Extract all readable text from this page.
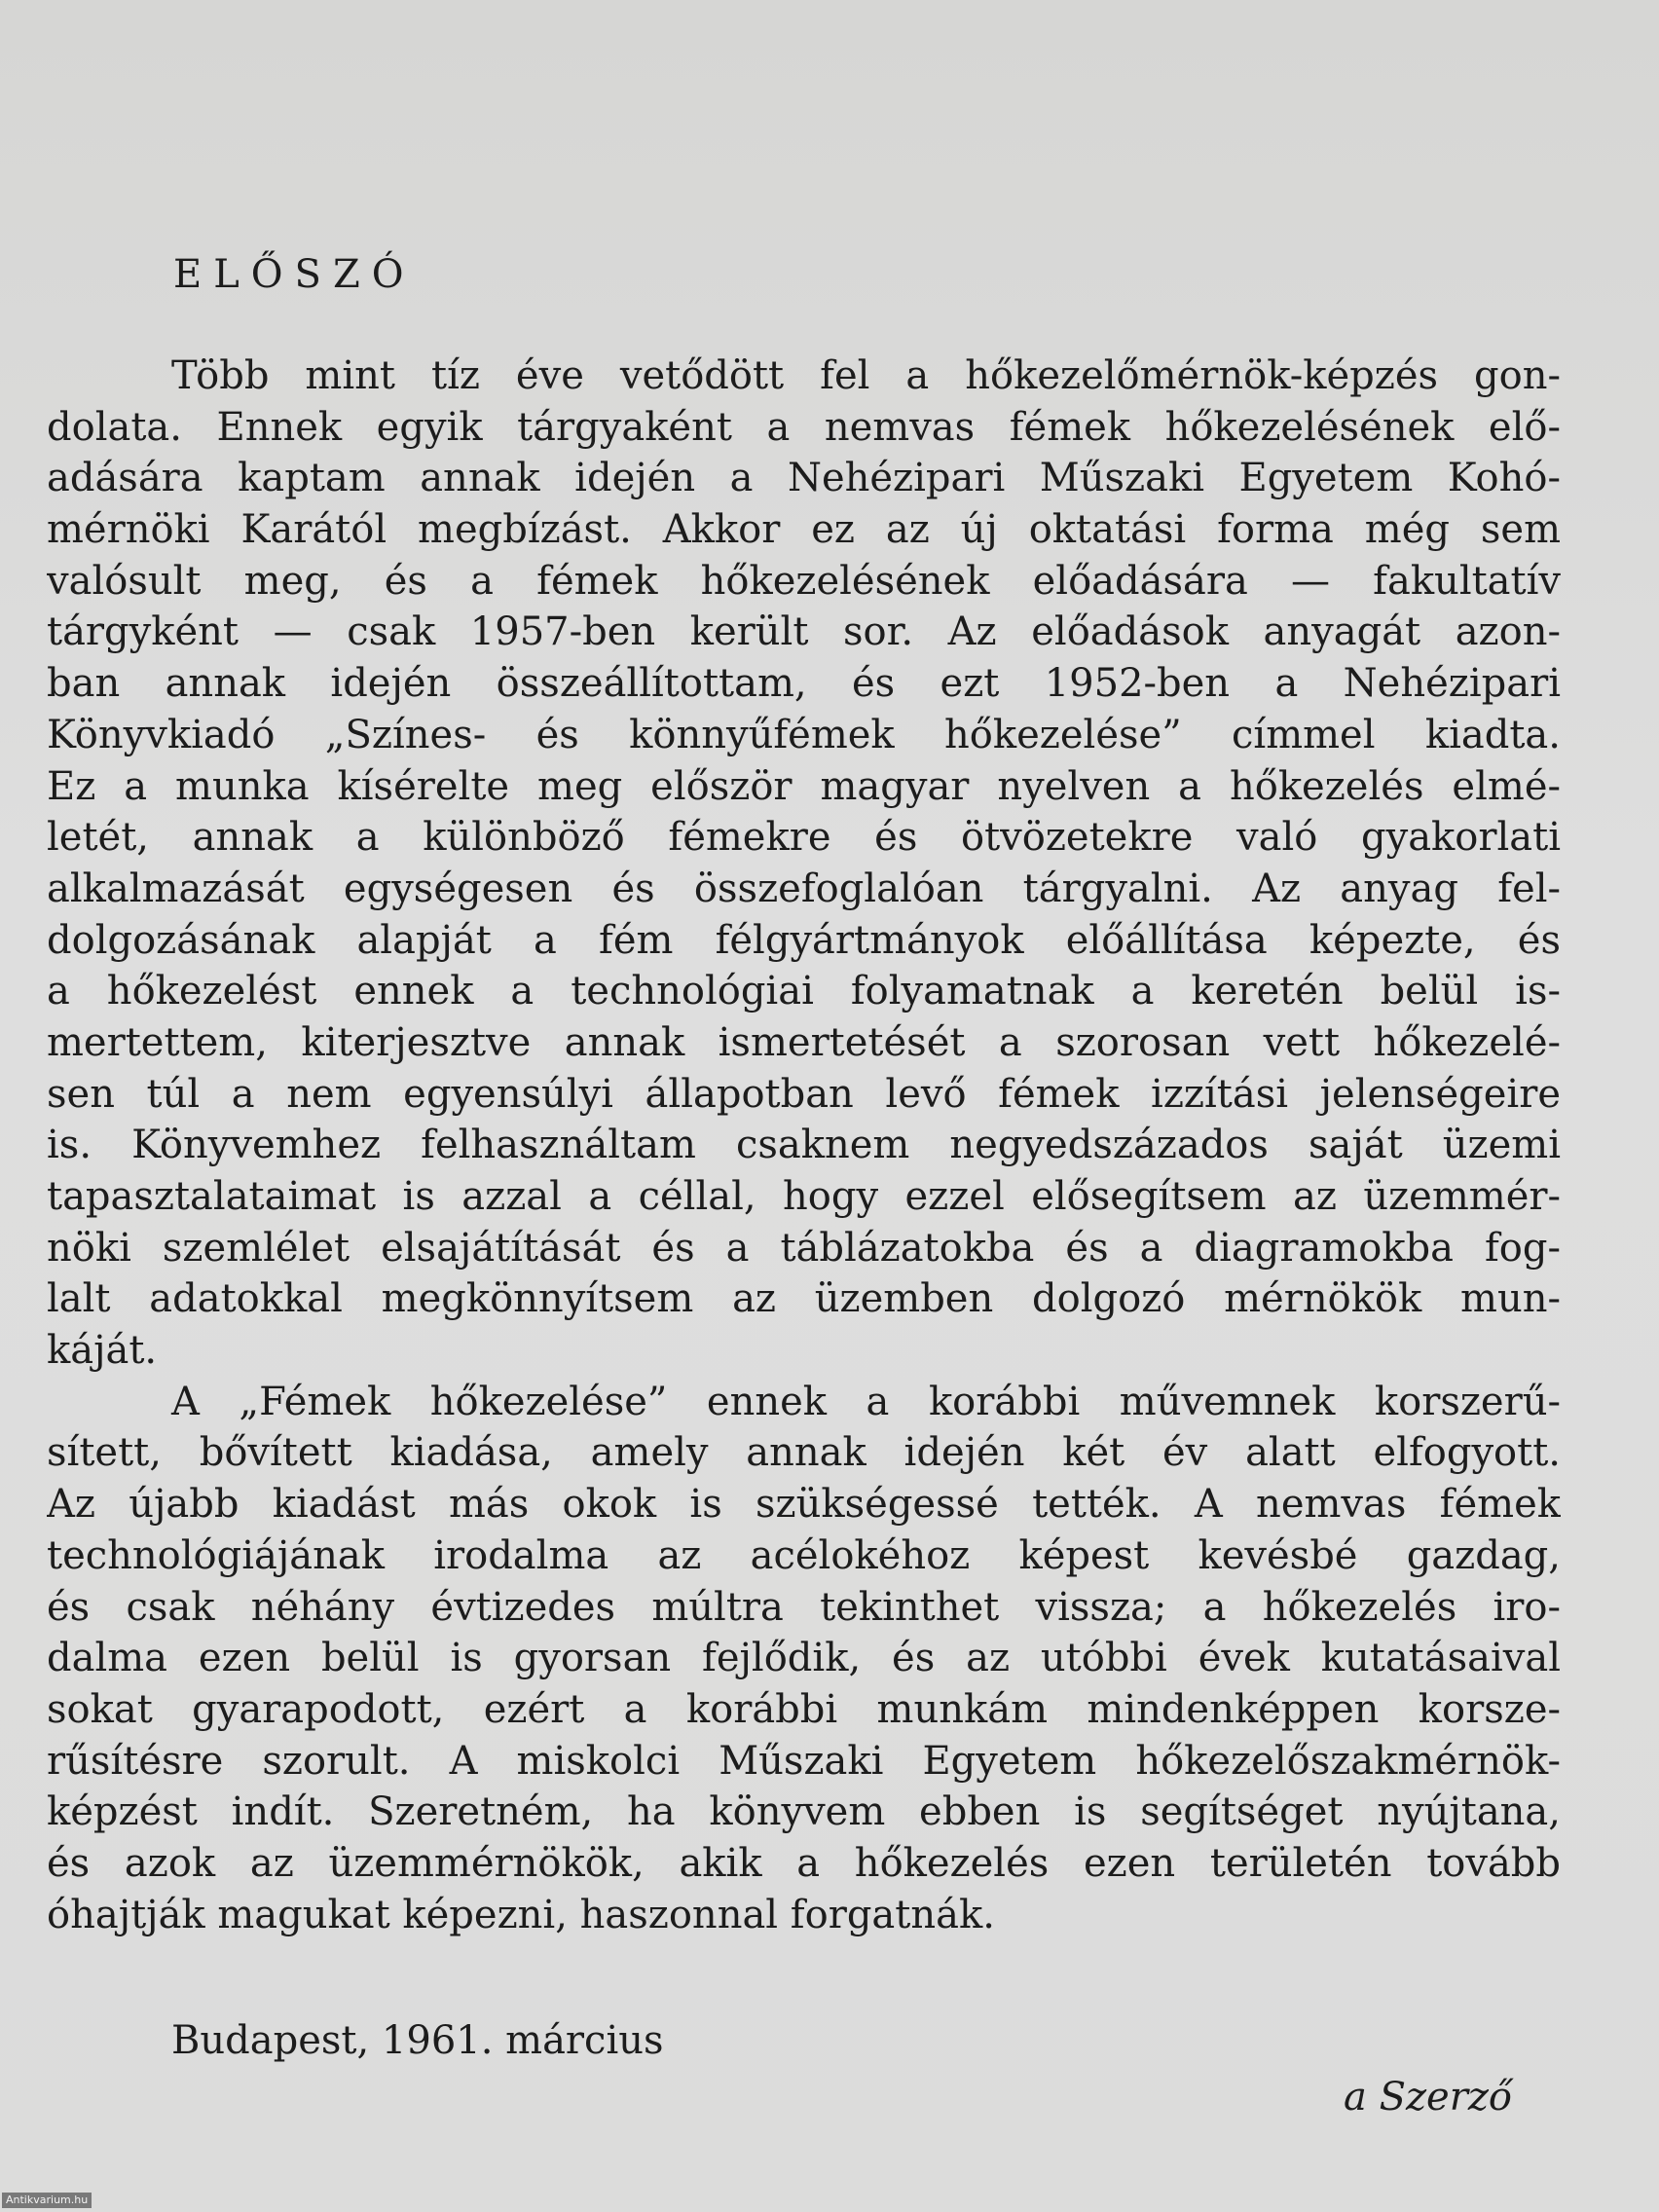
ELŐSZÓ
Több mint tíz éve vetődött fel a hőkezelőmérnök-képzés gon-
dolata. Ennek egyik tárgyaként a nemvas fémek hőkezelésének elő-
adására kaptam annak idején a Nehézipari Műszaki Egyetem Kohó-
mérnöki Karától megbízást. Akkor ez az új oktatási forma még sem
valósult meg, és a fémek hőkezelésének előadására — fakultatív
tárgyként — csak 1957-ben került sor. Az előadások anyagát azon-
ban annak idején összeállítottam, és ezt 1952-ben a Nehézipari
Könyvkiadó „Színes- és könnyűfémek hőkezelése” címmel kiadta.
Ez a munka kísérelte meg először magyar nyelven a hőkezelés elmé-
letét, annak a különböző fémekre és ötvözetekre való gyakorlati
alkalmazását egységesen és összefoglalóan tárgyalni. Az anyag fel-
dolgozásának alapját a fém félgyártmányok előállítása képezte, és
a hőkezelést ennek a technológiai folyamatnak a keretén belül is-
mertettem, kiterjesztve annak ismertetését a szorosan vett hőkezelé-
sen túl a nem egyensúlyi állapotban levő fémek izzítási jelenségeire
is. Könyvemhez felhasználtam csaknem negyedszázados saját üzemi
tapasztalataimat is azzal a céllal, hogy ezzel elősegítsem az üzemmér-
nöki szemlélet elsajátítását és a táblázatokba és a diagramokba fog-
lalt adatokkal megkönnyítsem az üzemben dolgozó mérnökök mun-
káját.
A „Fémek hőkezelése” ennek a korábbi művemnek korszerű-
sített, bővített kiadása, amely annak idején két év alatt elfogyott.
Az újabb kiadást más okok is szükségessé tették. A nemvas fémek
technológiájának irodalma az acélokéhoz képest kevésbé gazdag,
és csak néhány évtizedes múltra tekinthet vissza; a hőkezelés iro-
dalma ezen belül is gyorsan fejlődik, és az utóbbi évek kutatásaival
sokat gyarapodott, ezért a korábbi munkám mindenképpen korsze-
rűsítésre szorult. A miskolci Műszaki Egyetem hőkezelőszakmérnök-
képzést indít. Szeretném, ha könyvem ebben is segítséget nyújtana,
és azok az üzemmérnökök, akik a hőkezelés ezen területén tovább
óhajtják magukat képezni, haszonnal forgatnák.
Budapest, 1961. március
a Szerző
Antikvarium.hu
